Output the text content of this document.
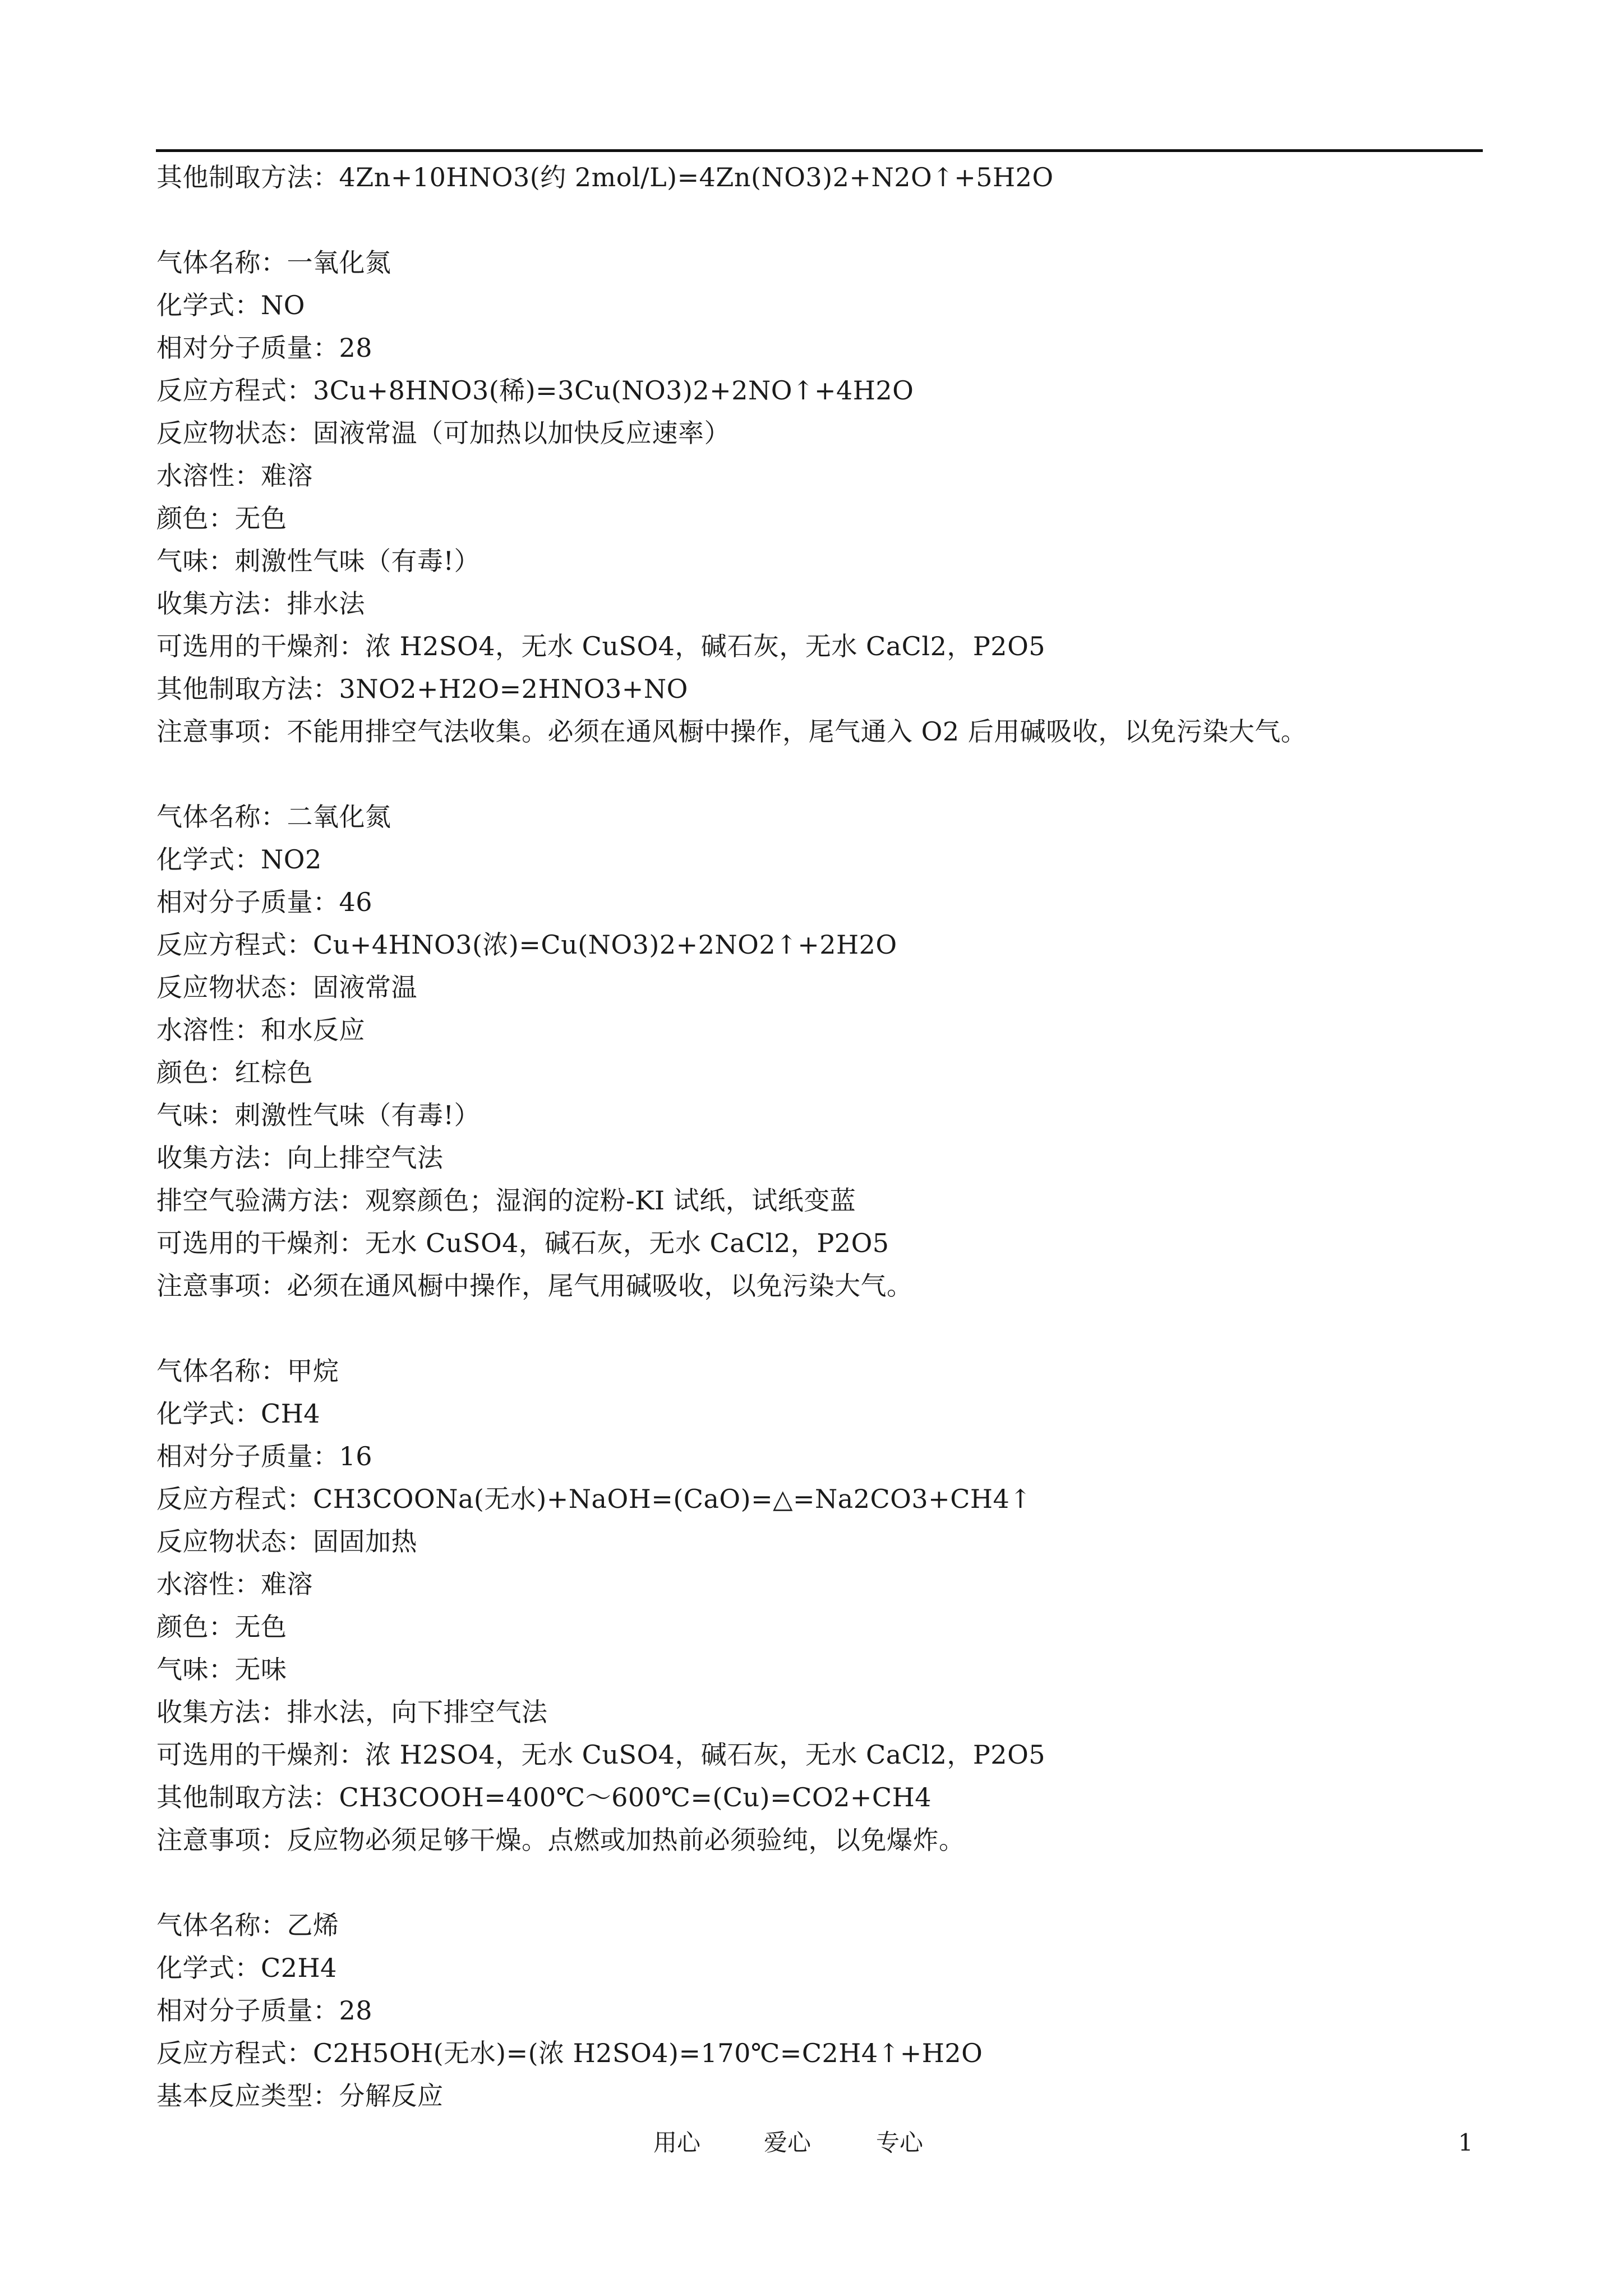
其他制取方法：4Zn+10HNO3(约 2mol/L)=4Zn(NO3)2+N2O↑+5H2O
气体名称：一氧化氮
化学式：NO
相对分子质量：28
反应方程式：3Cu+8HNO3(稀)=3Cu(NO3)2+2NO↑+4H2O
反应物状态：固液常温（可加热以加快反应速率）
水溶性：难溶
颜色：无色
气味：刺激性气味（有毒!）
收集方法：排水法
可选用的干燥剂：浓 H2SO4，无水 CuSO4，碱石灰，无水 CaCl2，P2O5
其他制取方法：3NO2+H2O=2HNO3+NO
注意事项：不能用排空气法收集。必须在通风橱中操作，尾气通入 O2 后用碱吸收，以免污染大气。
气体名称：二氧化氮
化学式：NO2
相对分子质量：46
反应方程式：Cu+4HNO3(浓)=Cu(NO3)2+2NO2↑+2H2O
反应物状态：固液常温
水溶性：和水反应
颜色：红棕色
气味：刺激性气味（有毒!）
收集方法：向上排空气法
排空气验满方法：观察颜色；湿润的淀粉-KI 试纸，试纸变蓝
可选用的干燥剂：无水 CuSO4，碱石灰，无水 CaCl2，P2O5
注意事项：必须在通风橱中操作，尾气用碱吸收，以免污染大气。
气体名称：甲烷
化学式：CH4
相对分子质量：16
反应方程式：CH3COONa(无水)+NaOH=(CaO)=△=Na2CO3+CH4↑
反应物状态：固固加热
水溶性：难溶
颜色：无色
气味：无味
收集方法：排水法，向下排空气法
可选用的干燥剂：浓 H2SO4，无水 CuSO4，碱石灰，无水 CaCl2，P2O5
其他制取方法：CH3COOH=400℃～600℃=(Cu)=CO2+CH4
注意事项：反应物必须足够干燥。点燃或加热前必须验纯，以免爆炸。
气体名称：乙烯
化学式：C2H4
相对分子质量：28
反应方程式：C2H5OH(无水)=(浓 H2SO4)=170℃=C2H4↑+H2O
基本反应类型：分解反应
用心	爱心	专心	1
